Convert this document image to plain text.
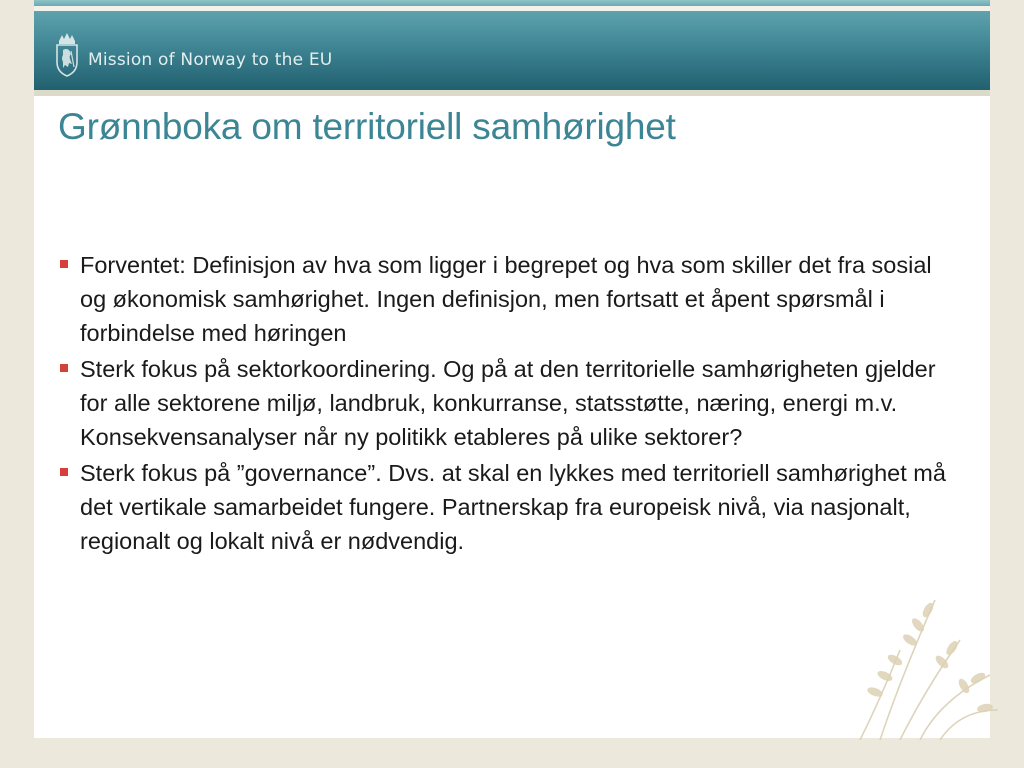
Mission of Norway to the EU
Grønnboka om territoriell samhørighet
Forventet: Definisjon av hva som ligger i begrepet og hva som skiller det fra sosial og økonomisk samhørighet. Ingen definisjon, men fortsatt et åpent spørsmål i forbindelse med høringen
Sterk fokus på sektorkoordinering. Og på at den territorielle samhørigheten gjelder for alle sektorene miljø, landbruk, konkurranse, statsstøtte, næring, energi m.v. Konsekvensanalyser når ny politikk etableres på ulike sektorer?
Sterk fokus på ”governance”. Dvs. at skal en lykkes med territoriell samhørighet må det vertikale samarbeidet fungere. Partnerskap fra europeisk nivå, via nasjonalt, regionalt og lokalt nivå er nødvendig.
